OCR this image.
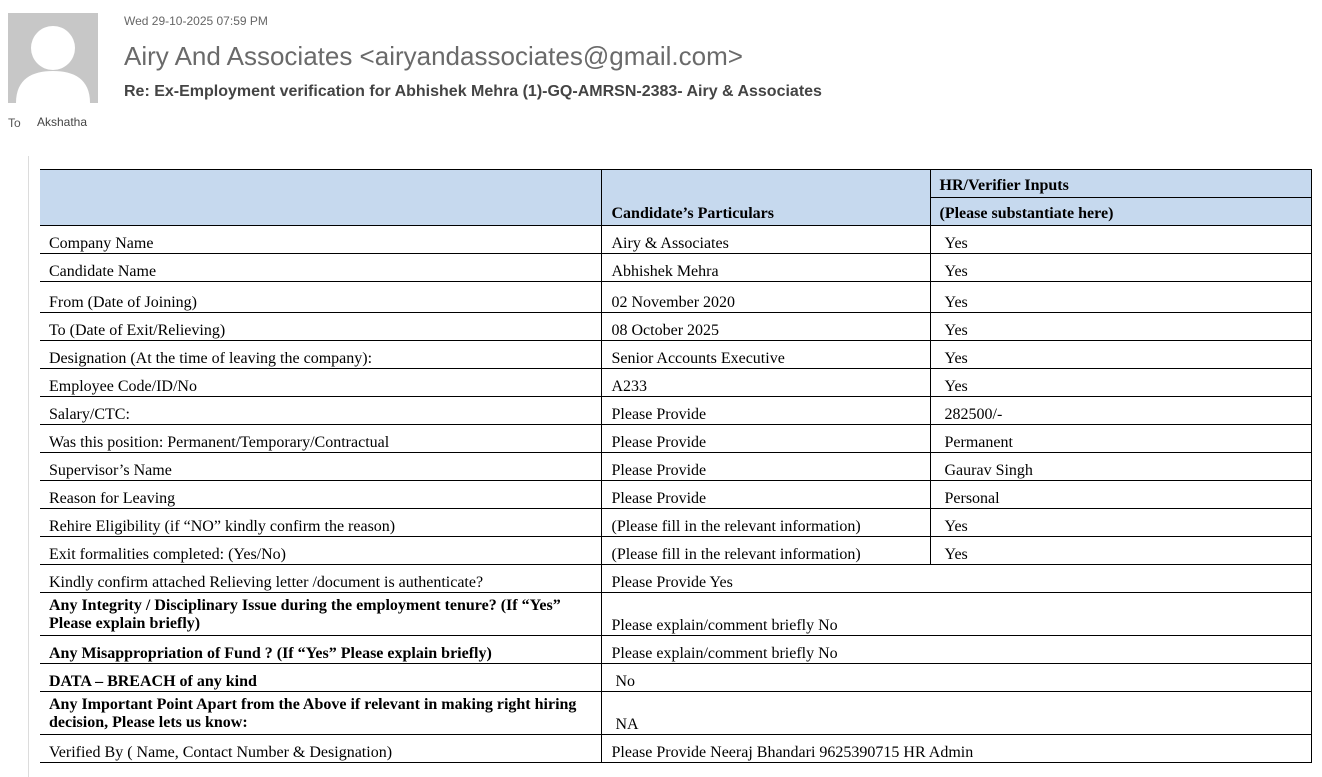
Wed 29-10-2025 07:59 PM
Airy And Associates <airyandassociates@gmail.com>
Re: Ex-Employment verification for Abhishek Mehra (1)-GQ-AMRSN-2383- Airy & Associates
To Akshatha
	Candidate’s Particulars	HR/Verifier Inputs
		(Please substantiate here)
Company Name	Airy & Associates	Yes
Candidate Name	Abhishek Mehra	Yes
From (Date of Joining)	02 November 2020	Yes
To (Date of Exit/Relieving)	08 October 2025	Yes
Designation (At the time of leaving the company):	Senior Accounts Executive	Yes
Employee Code/ID/No	A233	Yes
Salary/CTC:	Please Provide	282500/-
Was this position: Permanent/Temporary/Contractual	Please Provide	Permanent
Supervisor’s Name	Please Provide	Gaurav Singh
Reason for Leaving	Please Provide	Personal
Rehire Eligibility (if “NO” kindly confirm the reason)	(Please fill in the relevant information)	Yes
Exit formalities completed: (Yes/No)	(Please fill in the relevant information)	Yes
Kindly confirm attached Relieving letter /document is authenticate?	Please Provide Yes	
Any Integrity / Disciplinary Issue during the employment tenure? (If “Yes” Please explain briefly)	Please explain/comment briefly No	
Any Misappropriation of Fund ? (If “Yes” Please explain briefly)	Please explain/comment briefly No	
DATA – BREACH of any kind	No	
Any Important Point Apart from the Above if relevant in making right hiring decision, Please lets us know:	NA	
Verified By ( Name, Contact Number & Designation)	Please Provide Neeraj Bhandari 9625390715 HR Admin	
